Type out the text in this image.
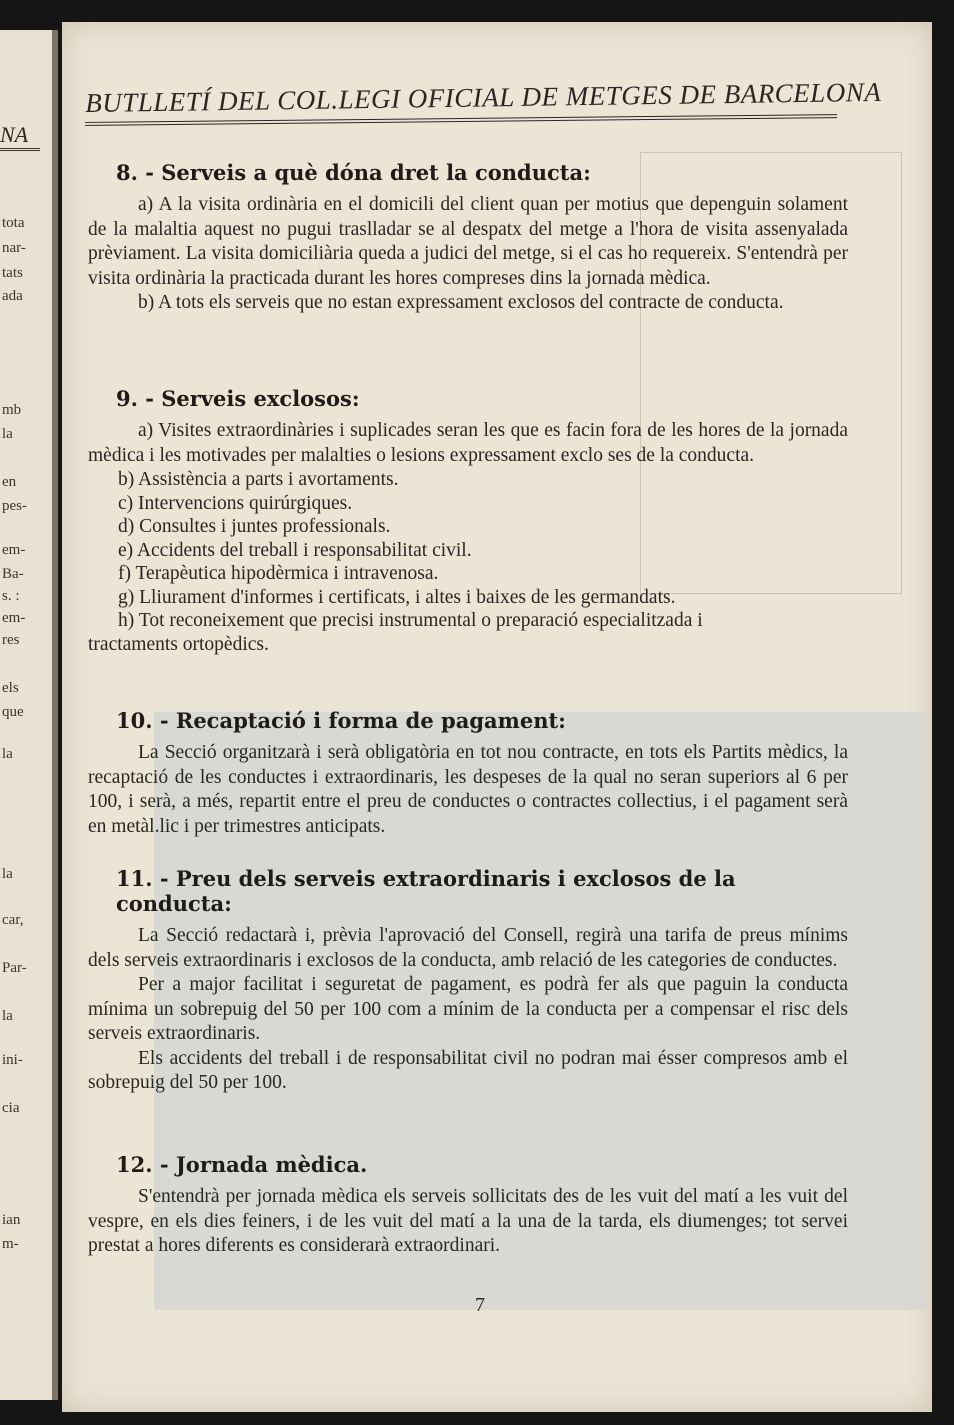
NA
tota
nar-
tats
ada
mb
la
en
pes-
em-
Ba-
s. :
em-
res
els
que
la
la
car,
Par-
la
ini-
cia
ian
m-
BUTLLETÍ DEL COL.LEGI OFICIAL DE METGES DE BARCELONA
8. - Serveis a què dóna dret la conducta:

a) A la visita ordinària en el domicili del client quan per motius que depenguin solament de la malaltia aquest no pugui traslladar se al despatx del metge a l'hora de visita assenyalada prèviament. La visita domiciliària queda a judici del metge, si el cas ho requereix. S'entendrà per visita ordinària la practicada durant les hores compreses dins la jornada mèdica.

b) A tots els serveis que no estan expressament exclosos del contracte de conducta.

9. - Serveis exclosos:

a) Visites extraordinàries i suplicades seran les que es facin fora de les hores de la jornada mèdica i les motivades per malalties o lesions expressament exclo ses de la conducta.

b) Assistència a parts i avortaments.

c) Intervencions quirúrgiques.

d) Consultes i juntes professionals.

e) Accidents del treball i responsabilitat civil.

f) Terapèutica hipodèrmica i intravenosa.

g) Lliurament d'informes i certificats, i altes i baixes de les germandats.

h) Tot reconeixement que precisi instrumental o preparació especialitzada i

tractaments ortopèdics.

10. - Recaptació i forma de pagament:

La Secció organitzarà i serà obligatòria en tot nou contracte, en tots els Partits mèdics, la recaptació de les conductes i extraordinaris, les despeses de la qual no seran superiors al 6 per 100, i serà, a més, repartit entre el preu de conductes o contractes collectius, i el pagament serà en metàl.lic i per trimestres anticipats.

11. - Preu dels serveis extraordinaris i exclosos de la conducta:

La Secció redactarà i, prèvia l'aprovació del Consell, regirà una tarifa de preus mínims dels serveis extraordinaris i exclosos de la conducta, amb relació de les categories de conductes.

Per a major facilitat i seguretat de pagament, es podrà fer als que paguin la conducta mínima un sobrepuig del 50 per 100 com a mínim de la conducta per a compensar el risc dels serveis extraordinaris.

Els accidents del treball i de responsabilitat civil no podran mai ésser compresos amb el sobrepuig del 50 per 100.

12. - Jornada mèdica.

S'entendrà per jornada mèdica els serveis sollicitats des de les vuit del matí a les vuit del vespre, en els dies feiners, i de les vuit del matí a la una de la tarda, els diumenges; tot servei prestat a hores diferents es considerarà extraordinari.

7
